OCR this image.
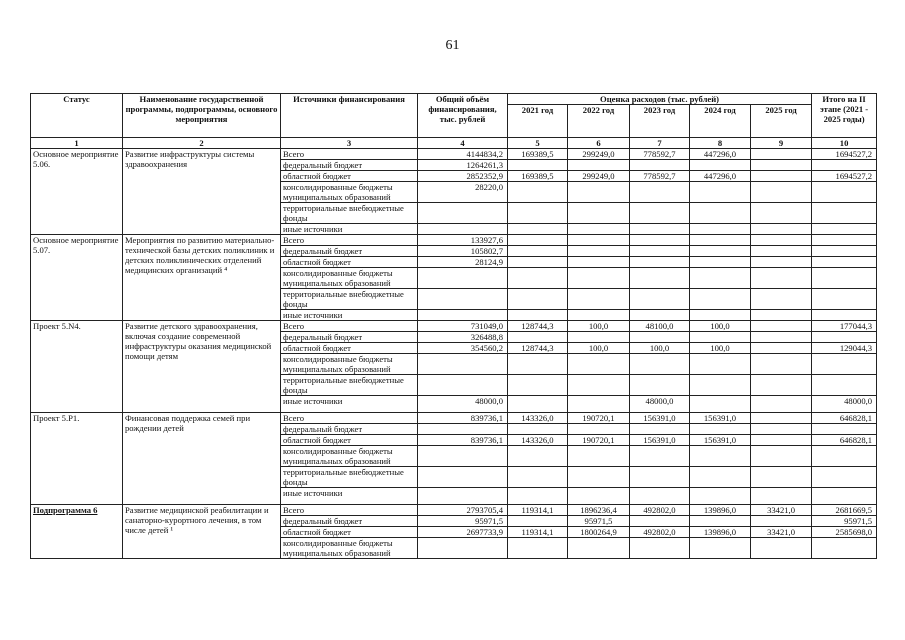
61
Статус	Наименование государственной программы, подпрограммы, основного мероприятия	Источники финансирования	Общий объём финансирования, тыс. рублей	Оценка расходов (тыс. рублей)					Итого на II этапе (2021 - 2025 годы)
				2021 год	2022 год	2023 год	2024 год	2025 год	
1	2	3	4	5	6	7	8	9	10
Основное мероприятие 5.06.	Развитие инфраструктуры системы здравоохранения	Всего	4144834,2	169389,5	299249,0	778592,7	447296,0		1694527,2
		федеральный бюджет	1264261,3						
		областной бюджет	2852352,9	169389,5	299249,0	778592,7	447296,0		1694527,2
		консолидированные бюджеты муниципальных образований	28220,0						
		территориальные внебюджетные фонды							
		иные источники							
Основное мероприятие 5.07.	Мероприятия по развитию материально-технической базы детских поликлиник и детских поликлинических отделений медицинских организаций ⁴	Всего	133927,6						
		федеральный бюджет	105802,7						
		областной бюджет	28124,9						
		консолидированные бюджеты муниципальных образований							
		территориальные внебюджетные фонды							
		иные источники							
Проект 5.N4.	Развитие детского здравоохранения, включая создание современной инфраструктуры оказания медицинской помощи детям	Всего	731049,0	128744,3	100,0	48100,0	100,0		177044,3
		федеральный бюджет	326488,8						
		областной бюджет	354560,2	128744,3	100,0	100,0	100,0		129044,3
		консолидированные бюджеты муниципальных образований							
		территориальные внебюджетные фонды							
		иные источники	48000,0			48000,0			48000,0
Проект 5.P1.	Финансовая поддержка семей при рождении детей	Всего	839736,1	143326,0	190720,1	156391,0	156391,0		646828,1
		федеральный бюджет							
		областной бюджет	839736,1	143326,0	190720,1	156391,0	156391,0		646828,1
		консолидированные бюджеты муниципальных образований							
		территориальные внебюджетные фонды							
		иные источники							
Подпрограмма 6	Развитие медицинской реабилитации и санаторно-курортного лечения, в том числе детей ¹	Всего	2793705,4	119314,1	1896236,4	492802,0	139896,0	33421,0	2681669,5
		федеральный бюджет	95971,5		95971,5				95971,5
		областной бюджет	2697733,9	119314,1	1800264,9	492802,0	139896,0	33421,0	2585698,0
		консолидированные бюджеты муниципальных образований							
